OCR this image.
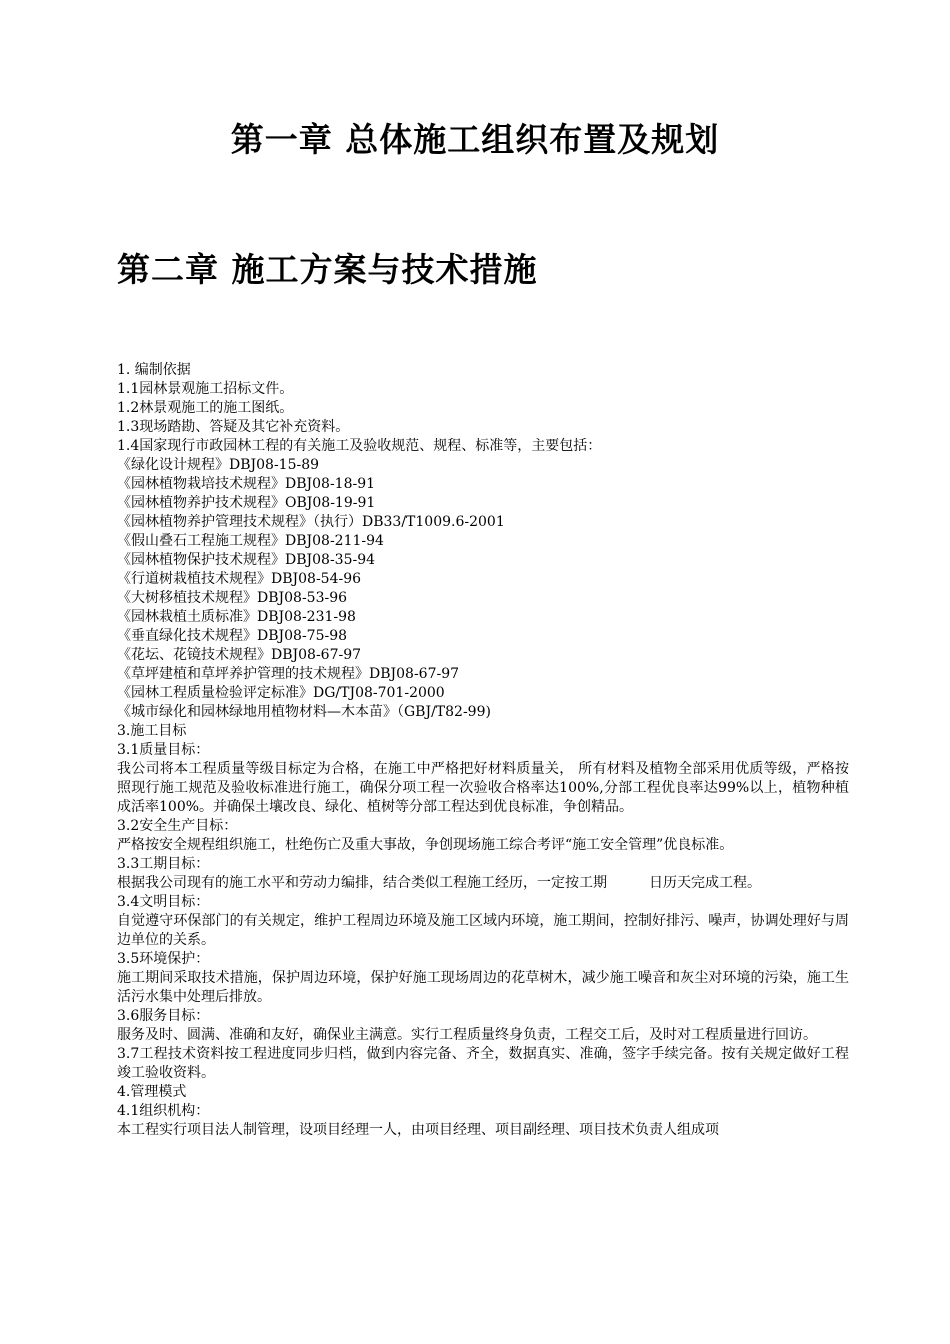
第一章 总体施工组织布置及规划
第二章 施工方案与技术措施
1. 编制依据
1.1园林景观施工招标文件。
1.2林景观施工的施工图纸。
1.3现场踏勘、答疑及其它补充资料。
1.4国家现行市政园林工程的有关施工及验收规范、规程、标准等，主要包括：
《绿化设计规程》DBJ08-15-89
《园林植物栽培技术规程》DBJ08-18-91
《园林植物养护技术规程》OBJ08-19-91
《园林植物养护管理技术规程》（执行）DB33/T1009.6-2001
《假山叠石工程施工规程》DBJ08-211-94
《园林植物保护技术规程》DBJ08-35-94
《行道树栽植技术规程》DBJ08-54-96
《大树移植技术规程》DBJ08-53-96
《园林栽植土质标准》DBJ08-231-98
《垂直绿化技术规程》DBJ08-75-98
《花坛、花镜技术规程》DBJ08-67-97
《草坪建植和草坪养护管理的技术规程》DBJ08-67-97
《园林工程质量检验评定标准》DG/TJ08-701-2000
《城市绿化和园林绿地用植物材料—木本苗》（GBJ/T82-99)
3.施工目标
3.1质量目标：
我公司将本工程质量等级目标定为合格，在施工中严格把好材料质量关， 所有材料及植物全部采用优质等级，严格按照现行施工规范及验收标准进行施工，确保分项工程一次验收合格率达100%,分部工程优良率达99%以上，植物种植成活率100%。并确保土壤改良、绿化、植树等分部工程达到优良标准，争创精品。
3.2安全生产目标：
严格按安全规程组织施工，杜绝伤亡及重大事故，争创现场施工综合考评“施工安全管理”优良标准。
3.3工期目标：
根据我公司现有的施工水平和劳动力编排，结合类似工程施工经历，一定按工期　　　日历天完成工程。
3.4文明目标：
自觉遵守环保部门的有关规定，维护工程周边环境及施工区域内环境，施工期间，控制好排污、噪声，协调处理好与周边单位的关系。
3.5环境保护：
施工期间采取技术措施，保护周边环境，保护好施工现场周边的花草树木，减少施工噪音和灰尘对环境的污染，施工生活污水集中处理后排放。
3.6服务目标：
服务及时、圆满、准确和友好，确保业主满意。实行工程质量终身负责，工程交工后，及时对工程质量进行回访。
3.7工程技术资料按工程进度同步归档，做到内容完备、齐全，数据真实、准确，签字手续完备。按有关规定做好工程竣工验收资料。
4.管理模式
4.1组织机构：
本工程实行项目法人制管理，设项目经理一人，由项目经理、项目副经理、项目技术负责人组成项
